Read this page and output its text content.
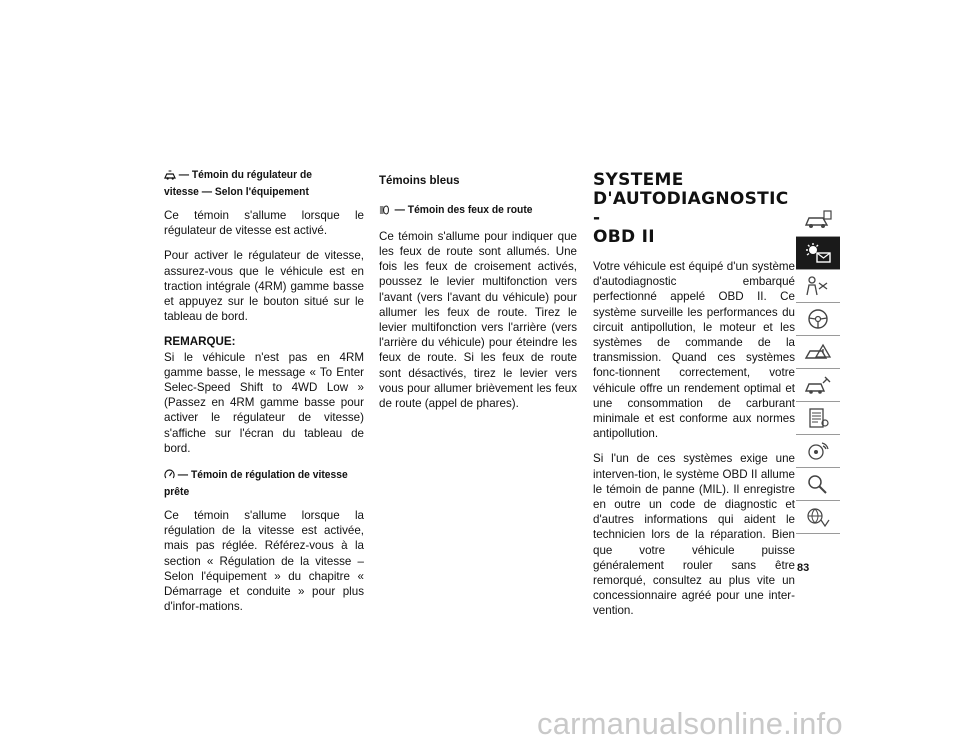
— Témoin du régulateur de vitesse — Selon l'équipement

Ce témoin s'allume lorsque le régulateur de vitesse est activé.

Pour activer le régulateur de vitesse, assurez-vous que le véhicule est en traction intégrale (4RM) gamme basse et appuyez sur le bouton situé sur le tableau de bord.

REMARQUE:
Si le véhicule n'est pas en 4RM gamme basse, le message « To Enter Selec-Speed Shift to 4WD Low » (Passez en 4RM gamme basse pour activer le régulateur de vitesse) s'affiche sur l'écran du tableau de bord.
— Témoin de régulation de vitesse prête

Ce témoin s'allume lorsque la régulation de la vitesse est activée, mais pas réglée. Référez-vous à la section « Régulation de la vitesse – Selon l'équipement » du chapitre « Démarrage et conduite » pour plus d'infor-mations.

Témoins bleus
— Témoin des feux de route

Ce témoin s'allume pour indiquer que les feux de route sont allumés. Une fois les feux de croisement activés, poussez le levier multifonction vers l'avant (vers l'avant du véhicule) pour allumer les feux de route. Tirez le levier multifonction vers l'arrière (vers l'arrière du véhicule) pour éteindre les feux de route. Si les feux de route sont désactivés, tirez le levier vers vous pour allumer brièvement les feux de route (appel de phares).

SYSTEME
D'AUTODIAGNOSTIC -
OBD II

Votre véhicule est équipé d'un système d'autodiagnostic embarqué perfectionné appelé OBD II. Ce système surveille les performances du circuit antipollution, le moteur et les systèmes de commande de la transmission. Quand ces systèmes fonc-tionnent correctement, votre véhicule offre un rendement optimal et une consommation de carburant minimale et est conforme aux normes antipollution.

Si l'un de ces systèmes exige une interven-tion, le système OBD II allume le témoin de panne (MIL). Il enregistre en outre un code de diagnostic et d'autres informations qui aident le technicien lors de la réparation. Bien que votre véhicule puisse généralement rouler sans être remorqué, consultez au plus vite un concessionnaire agréé pour une inter-vention.

83
carmanualsonline.info
